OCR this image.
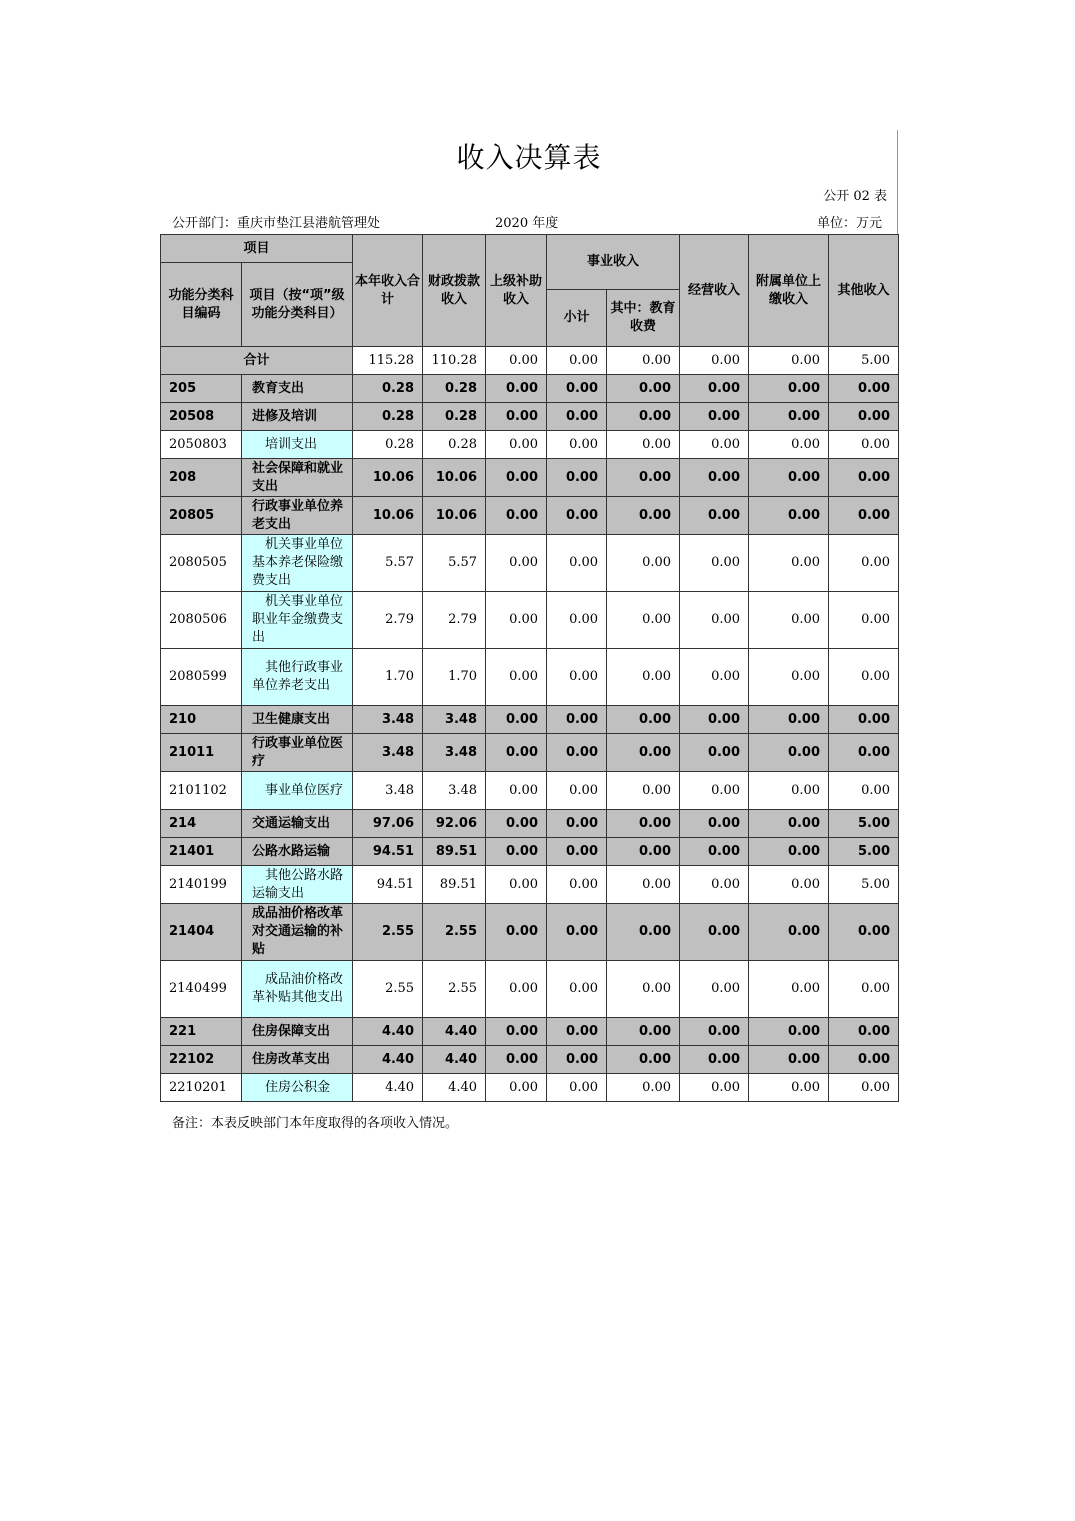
收入决算表
公开 02 表
公开部门：重庆市垫江县港航管理处	2020 年度	单位：万元
项目		本年收入合计	财政拨款收入	上级补助收入	事业收入		经营收入	附属单位上缴收入	其他收入
功能分类科目编码	项目（按“项”级功能分类科目）								
					小计	其中：教育收费			
合计		115.28	110.28	0.00	0.00	0.00	0.00	0.00	5.00
205	教育支出	0.28	0.28	0.00	0.00	0.00	0.00	0.00	0.00
20508	进修及培训	0.28	0.28	0.00	0.00	0.00	0.00	0.00	0.00
2050803	培训支出	0.28	0.28	0.00	0.00	0.00	0.00	0.00	0.00
208	社会保障和就业支出	10.06	10.06	0.00	0.00	0.00	0.00	0.00	0.00
20805	行政事业单位养老支出	10.06	10.06	0.00	0.00	0.00	0.00	0.00	0.00
2080505	机关事业单位基本养老保险缴费支出	5.57	5.57	0.00	0.00	0.00	0.00	0.00	0.00
2080506	机关事业单位职业年金缴费支出	2.79	2.79	0.00	0.00	0.00	0.00	0.00	0.00
2080599	其他行政事业单位养老支出	1.70	1.70	0.00	0.00	0.00	0.00	0.00	0.00
210	卫生健康支出	3.48	3.48	0.00	0.00	0.00	0.00	0.00	0.00
21011	行政事业单位医疗	3.48	3.48	0.00	0.00	0.00	0.00	0.00	0.00
2101102	事业单位医疗	3.48	3.48	0.00	0.00	0.00	0.00	0.00	0.00
214	交通运输支出	97.06	92.06	0.00	0.00	0.00	0.00	0.00	5.00
21401	公路水路运输	94.51	89.51	0.00	0.00	0.00	0.00	0.00	5.00
2140199	其他公路水路运输支出	94.51	89.51	0.00	0.00	0.00	0.00	0.00	5.00
21404	成品油价格改革对交通运输的补贴	2.55	2.55	0.00	0.00	0.00	0.00	0.00	0.00
2140499	成品油价格改革补贴其他支出	2.55	2.55	0.00	0.00	0.00	0.00	0.00	0.00
221	住房保障支出	4.40	4.40	0.00	0.00	0.00	0.00	0.00	0.00
22102	住房改革支出	4.40	4.40	0.00	0.00	0.00	0.00	0.00	0.00
2210201	住房公积金	4.40	4.40	0.00	0.00	0.00	0.00	0.00	0.00
备注：本表反映部门本年度取得的各项收入情况。
